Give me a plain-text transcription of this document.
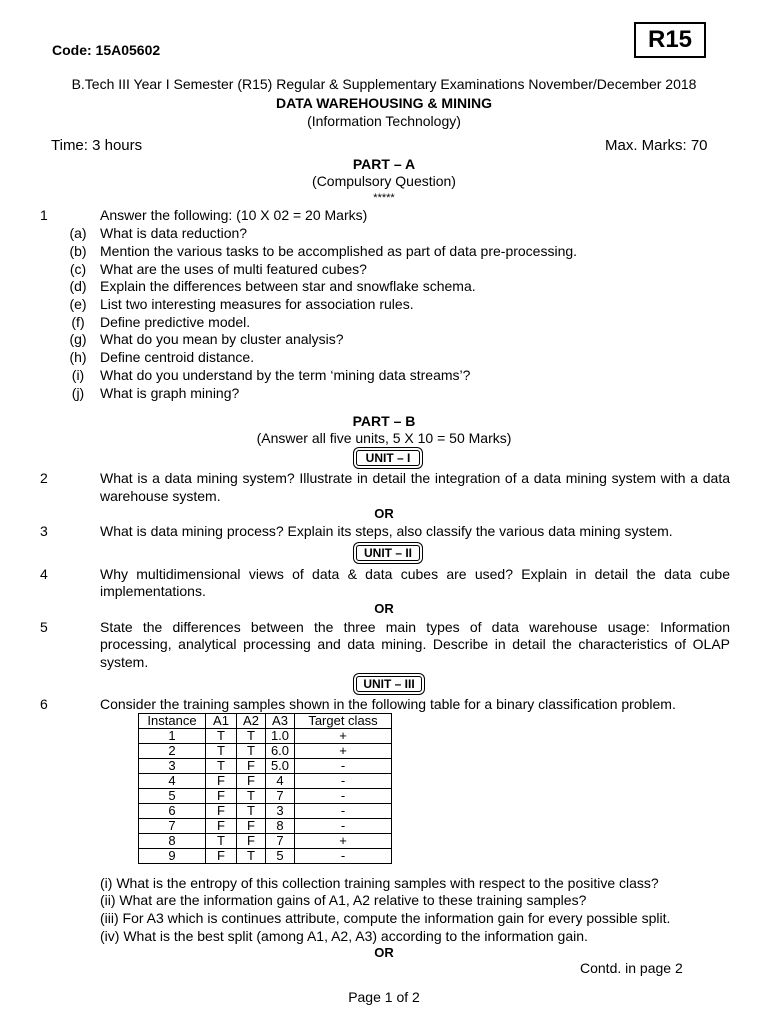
Code: 15A05602	R15
B.Tech III Year I Semester (R15) Regular & Supplementary Examinations November/December 2018
DATA WAREHOUSING & MINING
(Information Technology)
Time: 3 hours	Max. Marks: 70
PART – A
(Compulsory Question)
*****
1	Answer the following: (10 X 02 = 20 Marks)
(a) What is data reduction?
(b) Mention the various tasks to be accomplished as part of data pre-processing.
(c) What are the uses of multi featured cubes?
(d) Explain the differences between star and snowflake schema.
(e) List two interesting measures for association rules.
(f)	Define predictive model.
(g) What do you mean by cluster analysis?
(h) Define centroid distance.
(i)	What do you understand by the term ‘mining data streams’?
(j)	What is graph mining?
PART – B
(Answer all five units, 5 X 10 = 50 Marks)
UNIT – I
2	What is a data mining system? Illustrate in detail the integration of a data mining system with a data
warehouse system.
OR
3	What is data mining process? Explain its steps, also classify the various data mining system.
UNIT – II
4	Why multidimensional views of data & data cubes are used? Explain in detail the data cube
implementations.
OR
5	State the differences between the three main types of data warehouse usage: Information
processing, analytical processing and data mining. Describe in detail the characteristics of OLAP
system.
UNIT – III
6	Consider the training samples shown in the following table for a binary classification problem.
Instance	A1	A2	A3	Target class
1	T	T	1.0	+
2	T	T	6.0	+
3	T	F	5.0	-
4	F	F	4	-
5	F	T	7	-
6	F	T	3	-
7	F	F	8	-
8	T	F	7	+
9	F	T	5	-
(i) What is the entropy of this collection training samples with respect to the positive class?
(ii) What are the information gains of A1, A2 relative to these training samples?
(iii) For A3 which is continues attribute, compute the information gain for every possible split.
(iv) What is the best split (among A1, A2, A3) according to the information gain.
OR
Contd. in page 2
Page 1 of 2
